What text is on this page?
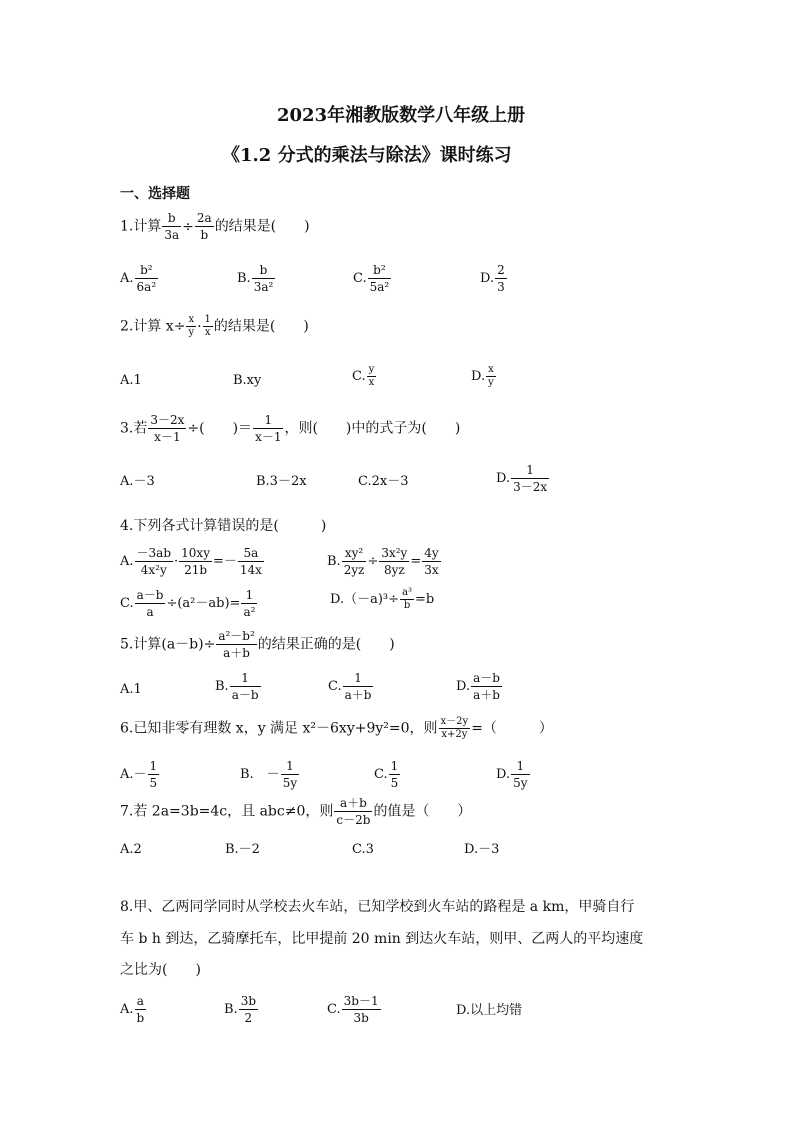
2023年湘教版数学八年级上册
《1.2 分式的乘法与除法》课时练习
一、选择题
1.计算 $\frac{b}{3a} \div \frac{2a}{b}$ 的结果是(　　)
A. $\frac{\text{b²}}{\text{6a²}}$	B. $\frac{b}{\text{3a²}}$	C. $\frac{\text{b²}}{\text{5a²}}$	D. $\frac{2}{3}$
2.计算 $x\div \frac{x}{y} \cdot \frac{1}{x}$ 的结果是(　　)
A.1	B.xy	C. $\frac{y}{x}$	D. $\frac{x}{y}$
3.若 $\frac{3-2x}{x-1}$ ÷(　　)＝ $\frac{1}{x-1}$ ，则(　　)中的式子为(　　)
A.－3	B.3－2x	C.2x－3	D. $\frac{1}{3-2x}$
4.下列各式计算错误的是(　　　)
A. $\frac{-3ab}{\text{4x²y}} \cdot \frac{10xy}{21b} =- \frac{5a}{14x}$	B. $\frac{\text{xy²}}{2yz} \div \frac{\text{3x²y}}{8yz} = \frac{4y}{3x}$
C. $\frac{a-b}{a} \div(a^2-ab)= \frac{1}{\text{a²}}$	$D.(-a)^3\div \frac{\text{a³}}{b} =b$
5.计算$(a-b)\div \frac{\text{a²－b²}}{a+b}$ 的结果正确的是(　　)
A.1	B. $\frac{1}{a-b}$	C. $\frac{1}{a+b}$	D. $\frac{a-b}{a+b}$
6.已知非零有理数 x，y 满足 x²－6xy+9y²=0，则 $\frac{x-2y}{x+2y}$ =（　　　）
$A.- \frac{1}{5}$	B.　－ $\frac{1}{5y}$	C. $\frac{1}{5}$	D. $\frac{1}{5y}$
7.若 2a=3b=4c，且 abc≠0，则 $\frac{a+b}{c-2b}$ 的值是（　　）
A.2	B.－2	C.3	D.－3
8.甲、乙两同学同时从学校去火车站，已知学校到火车站的路程是 a km，甲骑自行
车 b h 到达，乙骑摩托车，比甲提前 20 min 到达火车站，则甲、乙两人的平均速度
之比为(　　)
A. $\frac{a}{b}$	B. $\frac{3b}{2}$	C. $\frac{3b-1}{3b}$	D.以上均错
